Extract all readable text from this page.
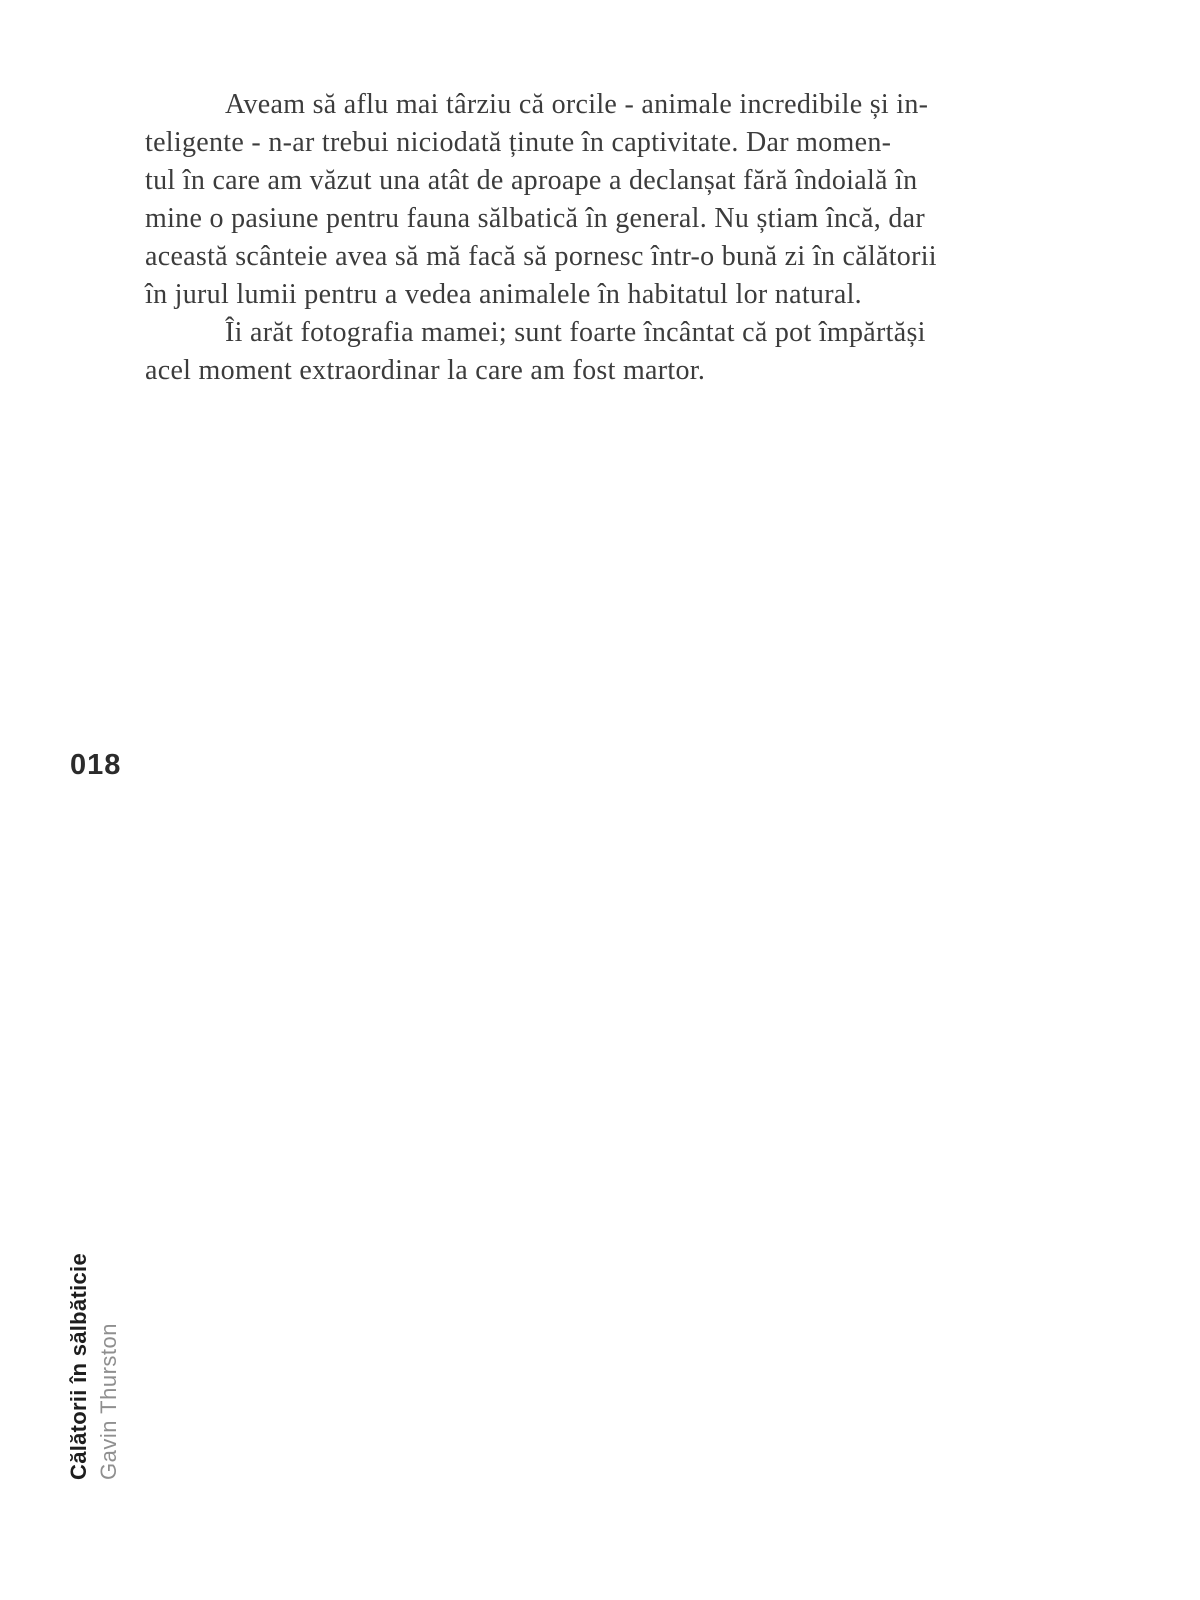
Aveam să aflu mai târziu că orcile - animale incredibile și in-
teligente - n-ar trebui niciodată ținute în captivitate. Dar momen-
tul în care am văzut una atât de aproape a declanșat fără îndoială în
mine o pasiune pentru fauna sălbatică în general. Nu știam încă, dar
această scânteie avea să mă facă să pornesc într-o bună zi în călătorii
în jurul lumii pentru a vedea animalele în habitatul lor natural.
Îi arăt fotografia mamei; sunt foarte încântat că pot împărtăși
acel moment extraordinar la care am fost martor.
018
Călătorii în sălbăticie Gavin Thurston
